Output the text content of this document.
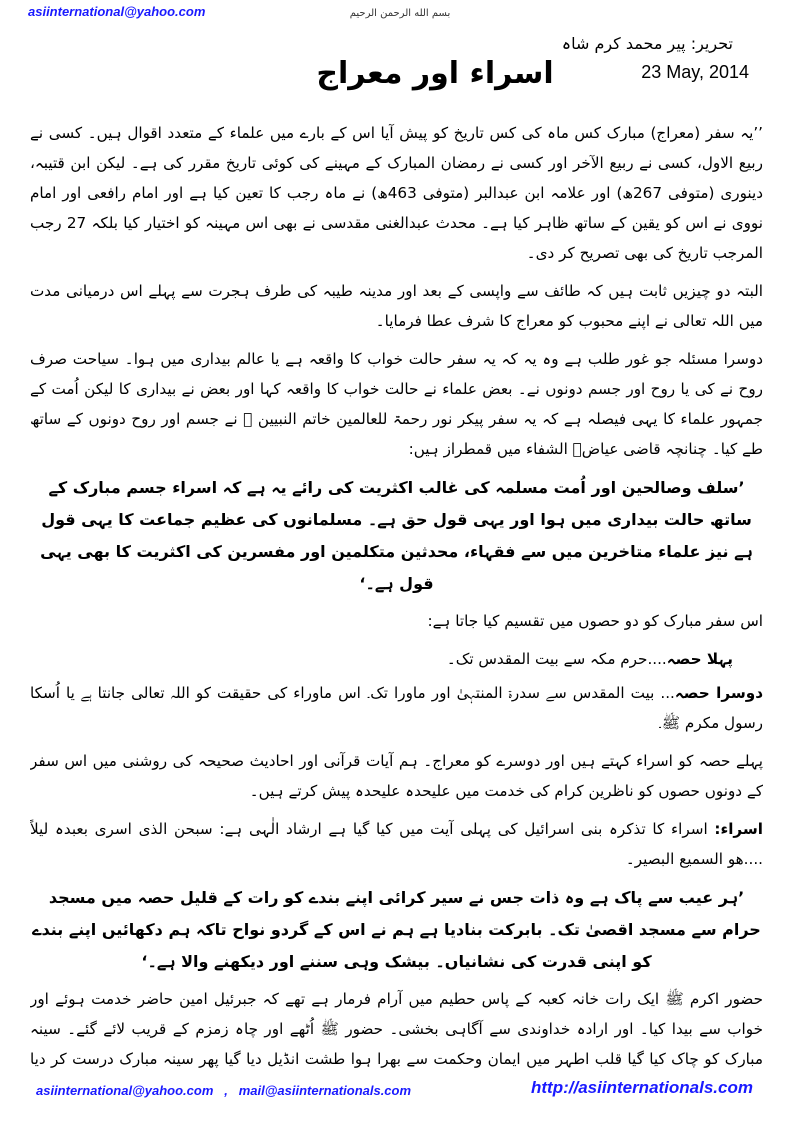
asiinternational@yahoo.com	بسم الله الرحمن الرحیم
تحریر: پیر محمد کرم شاہ
23 May, 2014
اسراء اور معراج

’’یہ سفر (معراج) مبارک کس ماہ کی کس تاریخ کو پیش آیا اس کے بارے میں علماء کے متعدد اقوال ہیں۔ کسی نے ربیع الاول، کسی نے ربیع الآخر اور کسی نے رمضان المبارک کے مہینے کی کوئی تاریخ مقرر کی ہے۔ لیکن ابن قتیبہ، دینوری (متوفی 267ھ) اور علامہ ابن عبدالبر (متوفی 463ھ) نے ماہ رجب کا تعین کیا ہے اور امام رافعی اور امام نووی نے اس کو یقین کے ساتھ ظاہر کیا ہے۔ محدث عبدالغنی مقدسی نے بھی اس مہینہ کو اختیار کیا بلکہ 27 رجب المرجب تاریخ کی بھی تصریح کر دی۔

البتہ دو چیزیں ثابت ہیں کہ طائف سے واپسی کے بعد اور مدینہ طیبہ کی طرف ہجرت سے پہلے اس درمیانی مدت میں اللہ تعالی نے اپنے محبوب کو معراج کا شرف عطا فرمایا۔

دوسرا مسئلہ جو غور طلب ہے وہ یہ کہ یہ سفر حالت خواب کا واقعہ ہے یا عالم بیداری میں ہوا۔ سیاحت صرف روح نے کی یا روح اور جسم دونوں نے۔ بعض علماء نے حالت خواب کا واقعہ کہا اور بعض نے بیداری کا لیکن اُمت کے جمہور علماء کا یہی فیصلہ ہے کہ یہ سفر پیکر نور رحمۃ للعالمین خاتم النبیین ﷺ نے جسم اور روح دونوں کے ساتھ طے کیا۔ چنانچہ قاضی عیاضؒ الشفاء میں قمطراز ہیں:

’سلف وصالحین اور اُمت مسلمہ کی غالب اکثریت کی رائے یہ ہے کہ اسراء جسم مبارک کے ساتھ حالت بیداری میں ہوا اور یہی قول حق ہے۔ مسلمانوں کی عظیم جماعت کا یہی قول ہے نیز علماء متاخرین میں سے فقہاء، محدثین متکلمین اور مفسرین کی اکثریت کا بھی یہی قول ہے۔‘

اس سفر مبارک کو دو حصوں میں تقسیم کیا جاتا ہے:

پہلا حصہ....حرم مکہ سے بیت المقدس تک۔

دوسرا حصہ... بیت المقدس سے سدرۃ المنتہیٰ اور ماورا تک۔ اس ماوراء کی حقیقت کو اللہ تعالی جانتا ہے یا اُسکا رسول مکرم ﷺ۔

پہلے حصہ کو اسراء کہتے ہیں اور دوسرے کو معراج۔ ہم آیات قرآنی اور احادیث صحیحہ کی روشنی میں اس سفر کے دونوں حصوں کو ناظرین کرام کی خدمت میں علیحدہ علیحدہ پیش کرتے ہیں۔

اسراء: اسراء کا تذکرہ بنی اسرائیل کی پہلی آیت میں کیا گیا ہے ارشاد الٰہی ہے: سبحن الذی اسری بعبدہ لیلاً ....ھو السمیع البصیر۔

’ہر عیب سے پاک ہے وہ ذات جس نے سیر کرائی اپنے بندے کو رات کے قلیل حصہ میں مسجد حرام سے مسجد اقصیٰ تک۔ بابرکت بنادیا ہے ہم نے اس کے گردو نواح تاکہ ہم دکھائیں اپنے بندے کو اپنی قدرت کی نشانیاں۔ بیشک وہی سننے اور دیکھنے والا ہے۔‘

حضور اکرم ﷺ ایک رات خانہ کعبہ کے پاس حطیم میں آرام فرمار ہے تھے کہ جبرئیل امین حاضر خدمت ہوئے اور خواب سے بیدا کیا۔ اور ارادہ خداوندی سے آگاہی بخشی۔ حضور ﷺ اُٹھے اور چاہ زمزم کے قریب لائے گئے۔ سینہ مبارک کو چاک کیا گیا قلب اطہر میں ایمان وحکمت سے بھرا ہوا طشت انڈیل دیا گیا پھر سینہ مبارک درست کر دیا

asiinternational@yahoo.com , mail@asiinternationals.com	http://asiinternationals.com
